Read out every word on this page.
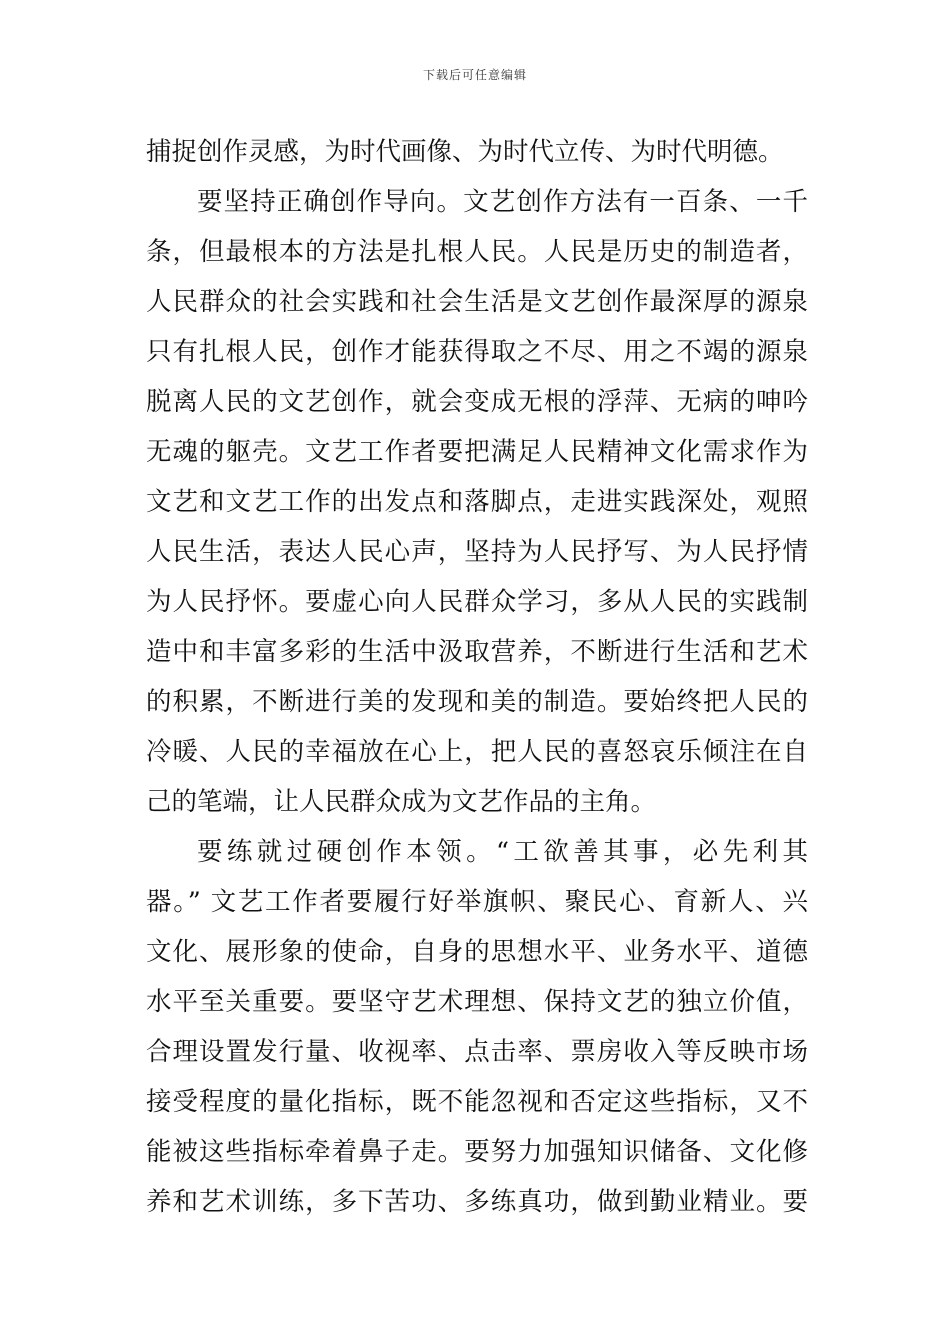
下载后可任意编辑
捕捉创作灵感，为时代画像、为时代立传、为时代明德。
要坚持正确创作导向。文艺创作方法有一百条、一千
条，但最根本的方法是扎根人民。人民是历史的制造者，
人民群众的社会实践和社会生活是文艺创作最深厚的源泉
只有扎根人民，创作才能获得取之不尽、用之不竭的源泉
脱离人民的文艺创作，就会变成无根的浮萍、无病的呻吟
无魂的躯壳。文艺工作者要把满足人民精神文化需求作为
文艺和文艺工作的出发点和落脚点，走进实践深处，观照
人民生活，表达人民心声，坚持为人民抒写、为人民抒情
为人民抒怀。要虚心向人民群众学习，多从人民的实践制
造中和丰富多彩的生活中汲取营养，不断进行生活和艺术
的积累，不断进行美的发现和美的制造。要始终把人民的
冷暖、人民的幸福放在心上，把人民的喜怒哀乐倾注在自
己的笔端，让人民群众成为文艺作品的主角。
要练就过硬创作本领。“工欲善其事，必先利其
器。” 文艺工作者要履行好举旗帜、聚民心、育新人、兴
文化、展形象的使命，自身的思想水平、业务水平、道德
水平至关重要。要坚守艺术理想、保持文艺的独立价值，
合理设置发行量、收视率、点击率、票房收入等反映市场
接受程度的量化指标，既不能忽视和否定这些指标，又不
能被这些指标牵着鼻子走。要努力加强知识储备、文化修
养和艺术训练，多下苦功、多练真功，做到勤业精业。要
